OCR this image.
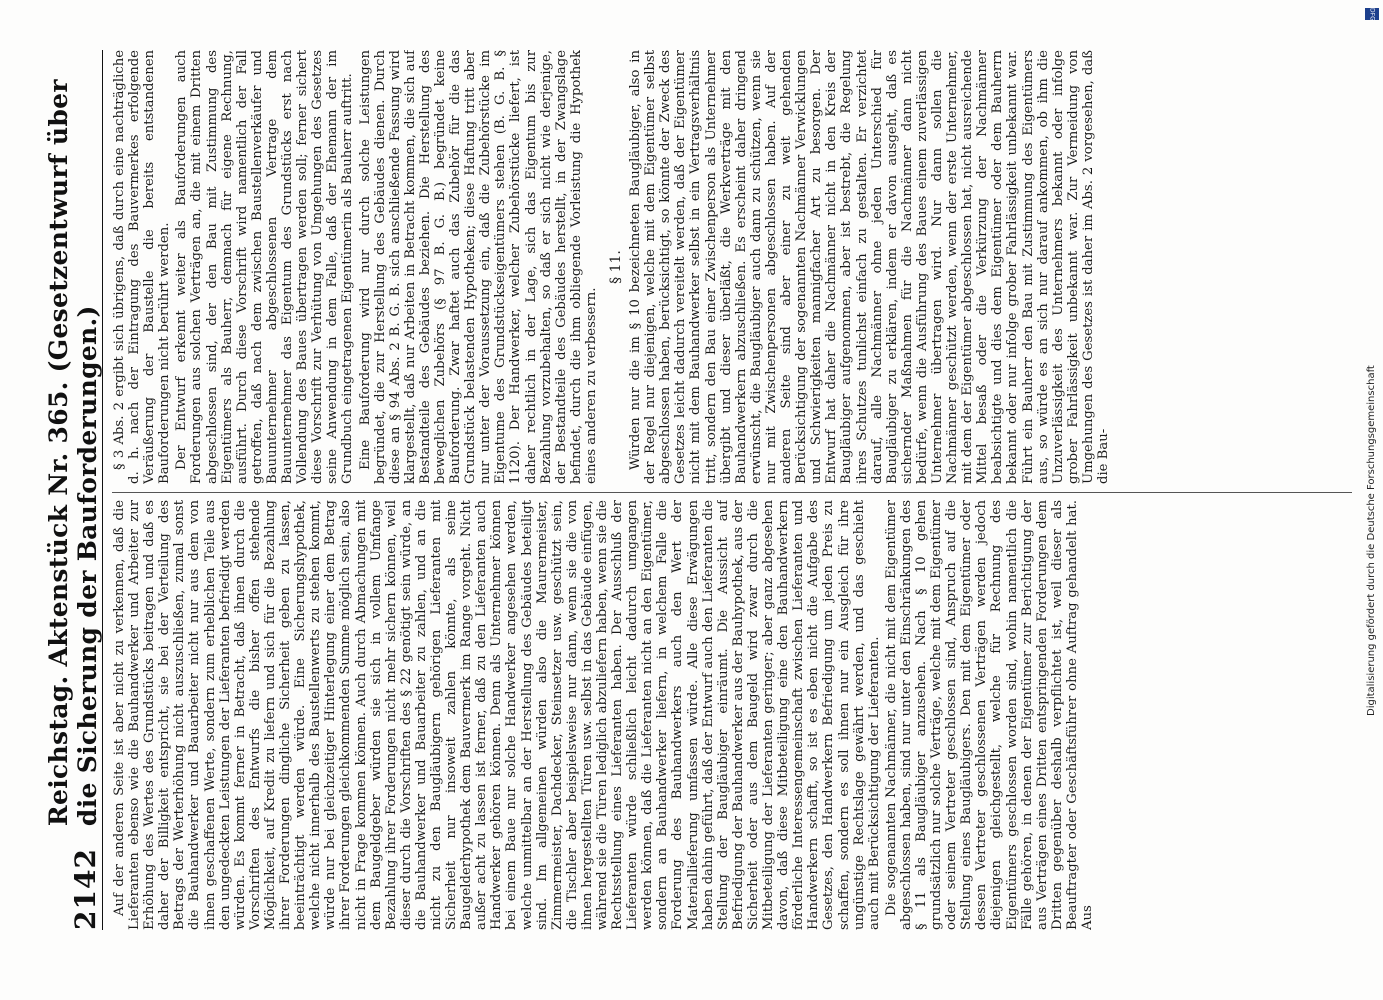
2142
Reichstag. Aktenstück Nr. 365. (Gesetzentwurf über die Sicherung der Bauforderungen.) Auf der anderen Seite ist aber nicht zu verkennen, daß die Lieferanten ebenso wie die Bauhandwerker und Arbeiter zur Erhöhung des Wertes des Grundstücks beitragen und daß es daher der Billigkeit entspricht, sie bei der Verteilung des Betrags der Werterhöhung nicht auszuschließen, zumal sonst die Bauhandwerker und Bauarbeiter nicht nur aus dem von ihnen geschaffenen Werte, sondern zum erheblichen Teile aus den ungedeckten Leistungen der Lieferanten befriedigt werden würden. Es kommt ferner in Betracht, daß ihnen durch die Vorschriften des Entwurfs die bisher offen stehende Möglichkeit, auf Kredit zu liefern und sich für die Bezahlung ihrer Forderungen dingliche Sicherheit geben zu lassen, beeinträchtigt werden würde. Eine Sicherungshypothek, welche nicht innerhalb des Baustellenwerts zu stehen kommt, würde nur bei gleichzeitiger Hinterlegung einer dem Betrag ihrer Forderungen gleichkommenden Summe möglich sein, also nicht in Frage kommen können. Auch durch Abmachungen mit dem Baugeldgeber würden sie sich in vollem Umfange Bezahlung ihrer Forderungen nicht mehr sichern können, weil dieser durch die Vorschriften des § 22 genötigt sein würde, an die Bauhandwerker und Bauarbeiter zu zahlen, und an die nicht zu den Baugläubigern gehörigen Lieferanten mit Sicherheit nur insoweit zahlen könnte, als seine Baugelderhypothek dem Bauvermerk im Range vorgeht. Nicht außer acht zu lassen ist ferner, daß zu den Lieferanten auch Handwerker gehören können. Denn als Unternehmer können bei einem Baue nur solche Handwerker angesehen werden, welche unmittelbar an der Herstellung des Gebäudes beteiligt sind. Im allgemeinen würden also die Maurermeister, Zimmermeister, Dachdecker, Steinsetzer usw. geschützt sein, die Tischler aber beispielsweise nur dann, wenn sie die von ihnen hergestellten Türen usw. selbst in das Gebäude einfügen, während sie die Türen lediglich abzuliefern haben, wenn sie die Rechtsstellung eines Lieferanten haben. Der Ausschluß der Lieferanten würde schließlich leicht dadurch umgangen werden können, daß die Lieferanten nicht an den Eigentümer, sondern an Bauhandwerker liefern, in welchem Falle die Forderung des Bauhandwerkers auch den Wert der Materiallieferung umfassen würde. Alle diese Erwägungen haben dahin geführt, daß der Entwurf auch den Lieferanten die Stellung der Baugläubiger einräumt. Die Aussicht auf Befriedigung der Bauhandwerker aus der Bauhypothek, aus der Sicherheit oder aus dem Baugeld wird zwar durch die Mitbeteiligung der Lieferanten geringer; aber ganz abgesehen davon, daß diese Mitbeteiligung eine den Bauhandwerkern förderliche Interessengemeinschaft zwischen Lieferanten und Handwerkern schafft, so ist es eben nicht die Aufgabe des Gesetzes, den Handwerkern Befriedigung um jeden Preis zu schaffen, sondern es soll ihnen nur ein Ausgleich für ihre ungünstige Rechtslage gewährt werden, und das geschieht auch mit Berücksichtigung der Lieferanten. Die sogenannten Nachmänner, die nicht mit dem Eigentümer abgeschlossen haben, sind nur unter den Einschränkungen des § 11 als Baugläubiger anzusehen. Nach § 10 gehen grundsätzlich nur solche Verträge, welche mit dem Eigentümer oder seinem Vertreter geschlossen sind, Anspruch auf die Stellung eines Baugläubigers. Den mit dem Eigentümer oder dessen Vertreter geschlossenen Verträgen werden jedoch diejenigen gleichgestellt, welche für Rechnung des Eigentümers geschlossen worden sind, wohin namentlich die Fälle gehören, in denen der Eigentümer zur Berichtigung der aus Verträgen eines Dritten entspringenden Forderungen dem Dritten gegenüber deshalb verpflichtet ist, weil dieser als Beauftragter oder Geschäftsführer ohne Auftrag gehandelt hat. Aus

§ 3 Abs. 2 ergibt sich übrigens, daß durch eine nachträgliche d. h. nach der Eintragung des Bauvermerkes erfolgende Veräußerung der Baustelle die bereits entstandenen Bauforderungen nicht berührt werden. Der Entwurf erkennt weiter als Bauforderungen auch Forderungen aus solchen Verträgen an, die mit einem Dritten abgeschlossen sind, der den Bau mit Zustimmung des Eigentümers als Bauherr, demnach für eigene Rechnung, ausführt. Durch diese Vorschrift wird namentlich der Fall getroffen, daß nach dem zwischen Baustellenverkäufer und Bauunternehmer abgeschlossenen Vertrage dem Bauunternehmer das Eigentum des Grundstücks erst nach Vollendung des Baues übertragen werden soll; ferner sichert diese Vorschrift zur Verhütung von Umgehungen des Gesetzes seine Anwendung in dem Falle, daß der Ehemann der im Grundbuch eingetragenen Eigentümerin als Bauherr auftritt. Eine Bauforderung wird nur durch solche Leistungen begründet, die zur Herstellung des Gebäudes dienen. Durch diese an § 94 Abs. 2 B. G. B. sich anschließende Fassung wird klargestellt, daß nur Arbeiten in Betracht kommen, die sich auf Bestandteile des Gebäudes beziehen. Die Herstellung des beweglichen Zubehörs (§ 97 B. G. B.) begründet keine Bauforderung. Zwar haftet auch das Zubehör für die das Grundstück belastenden Hypotheken; diese Haftung tritt aber nur unter der Voraussetzung ein, daß die Zubehörstücke im Eigentume des Grundstückseigentümers stehen (B. G. B. § 1120). Der Handwerker, welcher Zubehörstücke liefert, ist daher rechtlich in der Lage, sich das Eigentum bis zur Bezahlung vorzubehalten, so daß er sich nicht wie derjenige, der Bestandteile des Gebäudes herstellt, in der Zwangslage befindet, durch die ihm obliegende Vorleistung die Hypothek eines anderen zu verbessern.

§ 11. Würden nur die im § 10 bezeichneten Baugläubiger, also in der Regel nur diejenigen, welche mit dem Eigentümer selbst abgeschlossen haben, berücksichtigt, so könnte der Zweck des Gesetzes leicht dadurch vereitelt werden, daß der Eigentümer nicht mit dem Bauhandwerker selbst in ein Vertragsverhältnis tritt, sondern den Bau einer Zwischenperson als Unternehmer übergibt und dieser überläßt, die Werkverträge mit den Bauhandwerkern abzuschließen. Es erscheint daher dringend erwünscht, die Baugläubiger auch dann zu schützen, wenn sie nur mit Zwischenpersonen abgeschlossen haben. Auf der anderen Seite sind aber einer zu weit gehenden Berücksichtigung der sogenannten Nachmänner Verwicklungen und Schwierigkeiten mannigfacher Art zu besorgen. Der Entwurf hat daher die Nachmänner nicht in den Kreis der Baugläubiger aufgenommen, aber ist bestrebt, die Regelung ihres Schutzes tunlichst einfach zu gestalten. Er verzichtet darauf, alle Nachmänner ohne jeden Unterschied für Baugläubiger zu erklären, indem er davon ausgeht, daß es sichernder Maßnahmen für die Nachmänner dann nicht bedürfe, wenn die Ausführung des Baues einem zuverlässigen Unternehmer übertragen wird. Nur dann sollen die Nachmänner geschützt werden, wenn der erste Unternehmer, mit dem der Eigentümer abgeschlossen hat, nicht ausreichende Mittel besaß oder die Verkürzung der Nachmänner beabsichtigte und dies dem Eigentümer oder dem Bauherrn bekannt oder nur infolge grober Fahrlässigkeit unbekannt war. Führt ein Bauherr den Bau mit Zustimmung des Eigentümers aus, so würde es an sich nur darauf ankommen, ob ihm die Unzuverlässigkeit des Unternehmers bekannt oder infolge grober Fahrlässigkeit unbekannt war. Zur Vermeidung von Umgehungen des Gesetzes ist daher im Abs. 2 vorgesehen, daß die Bau-

DFG
Digitalisierung gefördert durch die Deutsche Forschungsgemeinschaft
